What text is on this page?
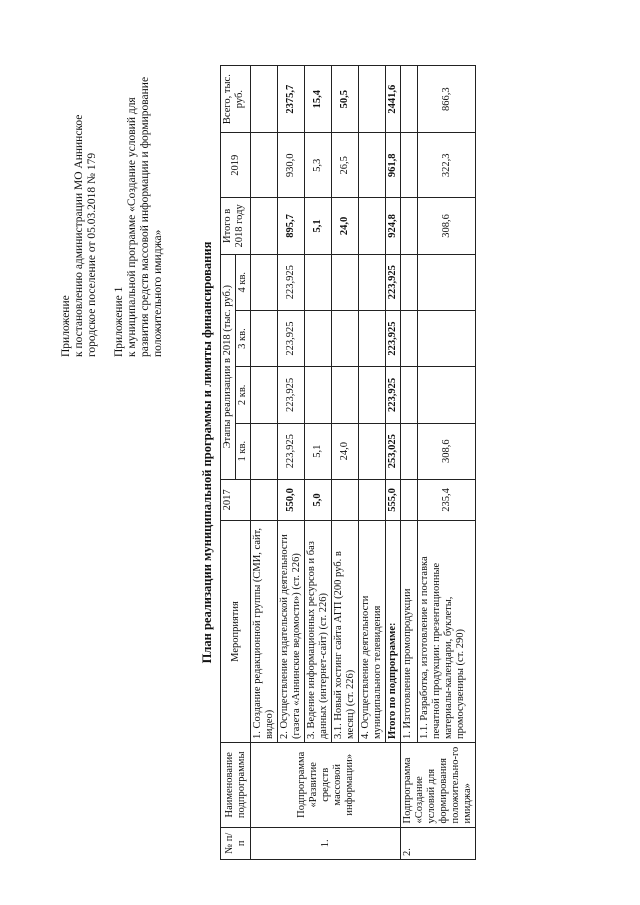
Приложение
к постановлению администрации МО Аннинское
городское поселение от 05.03.2018 № 179 Приложение 1
к муниципальной программе «Создание условий для
развития средств массовой информации и формирование
положительного имиджа»	План реализации муниципальной программы и лимиты финансирования
№ п/п	Наименование подпрограммы	Мероприятия	2017	Этапы реализации в 2018 (тыс. руб.)				Итого в 2018 году	2019	Всего, тыс. руб.
				1 кв.	2 кв.	3 кв.	4 кв.			
1.	Подпрограмма «Развитие средств массовой информации»	1. Создание редакционной группы (СМИ, сайт, видео)								
		2. Осуществление издательской деятельности (газета «Аннинские ведомости») (ст. 226)	550,0	223,925	223,925	223,925	223,925	895,7	930,0	2375,7
		3. Ведение информационных ресурсов и баз данных (интернет-сайт) (ст. 226)	5,0	5,1				5,1	5,3	15,4
		3.1. Новый хостинг сайта АГП (200 руб. в месяц) (ст. 226)		24,0				24,0	26,5	50,5
		4. Осуществление деятельности муниципального телевидения								
		Итого по подпрограмме:	555,0	253,025	223,925	223,925	223,925	924,8	961,8	2441,6
2.	Подпрограмма «Создание условий для формирования положительно-го имиджа»	1. Изготовление промопродукции								
		1.1. Разработка, изготовление и поставка печатной продукции: презентационные материалы-календари, буклеты, промосувениры (ст. 290)	235,4	308,6				308,6	322,3	866,3
